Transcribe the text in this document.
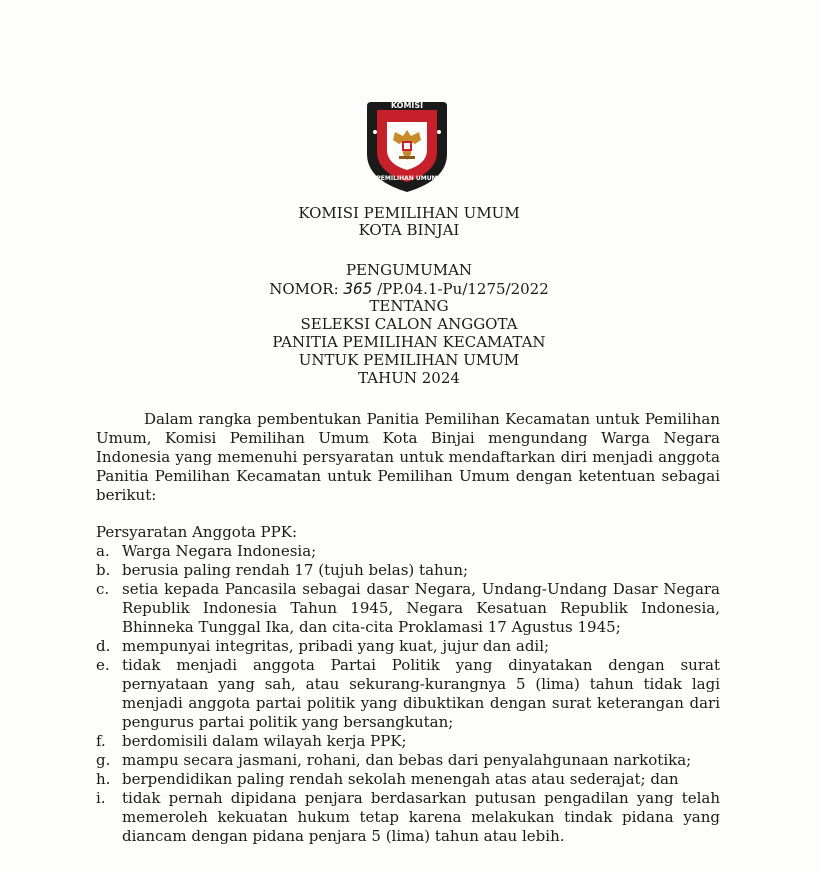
KOMISI
PEMILIHAN UMUM
KOMISI PEMILIHAN UMUM
KOTA BINJAI
PENGUMUMAN
NOMOR: 365 /PP.04.1-Pu/1275/2022
TENTANG
SELEKSI CALON ANGGOTA
PANITIA PEMILIHAN KECAMATAN
UNTUK PEMILIHAN UMUM
TAHUN 2024

Dalam rangka pembentukan Panitia Pemilihan Kecamatan untuk Pemilihan Umum, Komisi Pemilihan Umum Kota Binjai mengundang Warga Negara Indonesia yang memenuhi persyaratan untuk mendaftarkan diri menjadi anggota Panitia Pemilihan Kecamatan untuk Pemilihan Umum dengan ketentuan sebagai berikut:

Persyaratan Anggota PPK:
a. Warga Negara Indonesia;
b. berusia paling rendah 17 (tujuh belas) tahun;
c. setia kepada Pancasila sebagai dasar Negara, Undang-Undang Dasar Negara Republik Indonesia Tahun 1945, Negara Kesatuan Republik Indonesia, Bhinneka Tunggal Ika, dan cita-cita Proklamasi 17 Agustus 1945;
d. mempunyai integritas, pribadi yang kuat, jujur dan adil;
e. tidak menjadi anggota Partai Politik yang dinyatakan dengan surat pernyataan yang sah, atau sekurang-kurangnya 5 (lima) tahun tidak lagi menjadi anggota partai politik yang dibuktikan dengan surat keterangan dari pengurus partai politik yang bersangkutan;
f.	berdomisili dalam wilayah kerja PPK;
g. mampu secara jasmani, rohani, dan bebas dari penyalahgunaan narkotika;
h. berpendidikan paling rendah sekolah menengah atas atau sederajat; dan
i.	tidak pernah dipidana penjara berdasarkan putusan pengadilan yang telah memeroleh kekuatan hukum tetap karena melakukan tindak pidana yang diancam dengan pidana penjara 5 (lima) tahun atau lebih.
